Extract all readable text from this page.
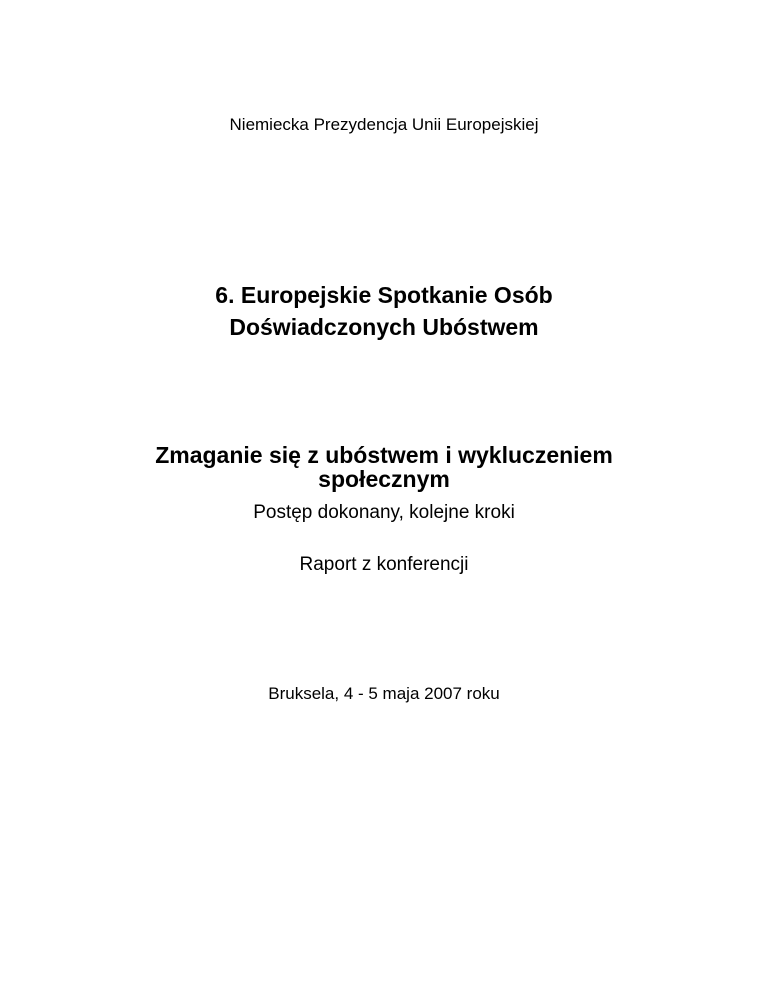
Niemiecka Prezydencja Unii Europejskiej
6. Europejskie Spotkanie Osób
Doświadczonych Ubóstwem
Zmaganie się z ubóstwem i wykluczeniem
społecznym
Postęp dokonany, kolejne kroki
Raport z konferencji
Bruksela, 4 - 5 maja 2007 roku
